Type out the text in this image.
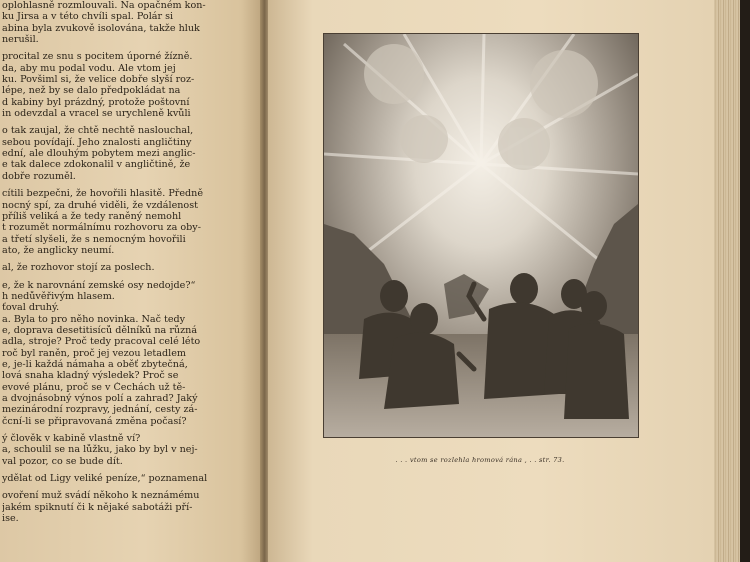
oplohlasně rozmlouvali. Na opačném kon-
ku Jirsa a v této chvíli spal. Polár si
abina byla zvukově isolována, takže hluk
nerušil.
procital ze snu s pocitem úporné žízně.
da, aby mu podal vodu. Ale vtom jej
ku. Povšiml si, že velice dobře slyší roz-
lépe, než by se dalo předpokládat na
d kabiny byl prázdný, protože poštovní
in odevzdal a vracel se urychleně kvůli
o tak zaujal, že chtě nechtě naslouchal,
sebou povídají. Jeho znalosti angličtiny
ední, ale dlouhým pobytem mezi anglic-
e tak dalece zdokonalil v angličtině, že
dobře rozuměl.
cítili bezpečni, že hovořili hlasitě. Předně
nocný spí, za druhé viděli, že vzdálenost
příliš veliká a že tedy raněný nemohl
t rozumět normálnímu rozhovoru za oby-
a třetí slyšeli, že s nemocným hovořili
ato, že anglicky neumí.
al, že rozhovor stojí za poslech.
e, že k narovnání zemské osy nedojde?“
h nedůvěřivým hlasem.
ťoval druhý.
a. Byla to pro něho novinka. Nač tedy
e, doprava desetitisíců dělníků na různá
adla, stroje? Proč tedy pracoval celé léto
roč byl raněn, proč jej vezou letadlem
e, je-li každá námaha a oběť zbytečná,
lová snaha kladný výsledek? Proč se
evové plánu, proč se v Čechách už tě-
a dvojnásobný výnos polí a zahrad? Jaký
mezinárodní rozpravy, jednání, cesty zá-
čcní-li se připravovaná změna počasí?
ý člověk v kabině vlastně ví?
a, schoulil se na lůžku, jako by byl v nej-
val pozor, co se bude dít.
ydělat od Ligy veliké peníze,“ poznamenal
ovoření muž svádí někoho k neznámému
jakém spiknutí či k nějaké sabotáži pří-
ise.
. . . vtom se rozlehla hromová rána , . . str. 73.
